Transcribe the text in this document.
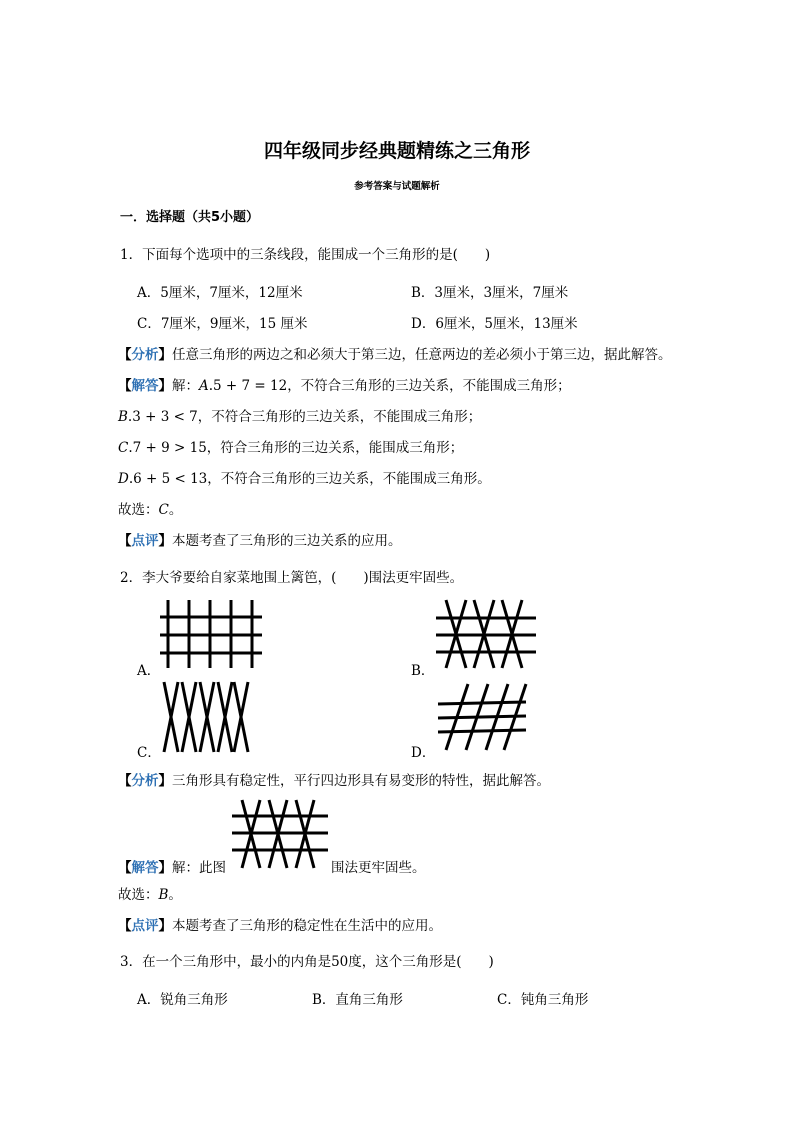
四年级同步经典题精练之三角形
参考答案与试题解析
一．选择题（共5小题）
1．下面每个选项中的三条线段，能围成一个三角形的是(　　)
A．5厘米，7厘米，12厘米	B．3厘米，3厘米，7厘米
C．7厘米，9厘米，15 厘米	D．6厘米，5厘米，13厘米
【分析】任意三角形的两边之和必须大于第三边，任意两边的差必须小于第三边，据此解答。
【解答】解：A.5 + 7 = 12，不符合三角形的三边关系，不能围成三角形；
B.3 + 3 < 7，不符合三角形的三边关系，不能围成三角形；
C.7 + 9 > 15，符合三角形的三边关系，能围成三角形；
D.6 + 5 < 13，不符合三角形的三边关系，不能围成三角形。
故选：C。
【点评】本题考查了三角形的三边关系的应用。
2．李大爷要给自家菜地围上篱笆，(　　)围法更牢固些。
A．	B．
C．	D．
【分析】三角形具有稳定性，平行四边形具有易变形的特性，据此解答。
【解答】解：此图	围法更牢固些。
故选：B。
【点评】本题考查了三角形的稳定性在生活中的应用。
3．在一个三角形中，最小的内角是50度，这个三角形是(　　)
A．锐角三角形	B．直角三角形	C．钝角三角形
